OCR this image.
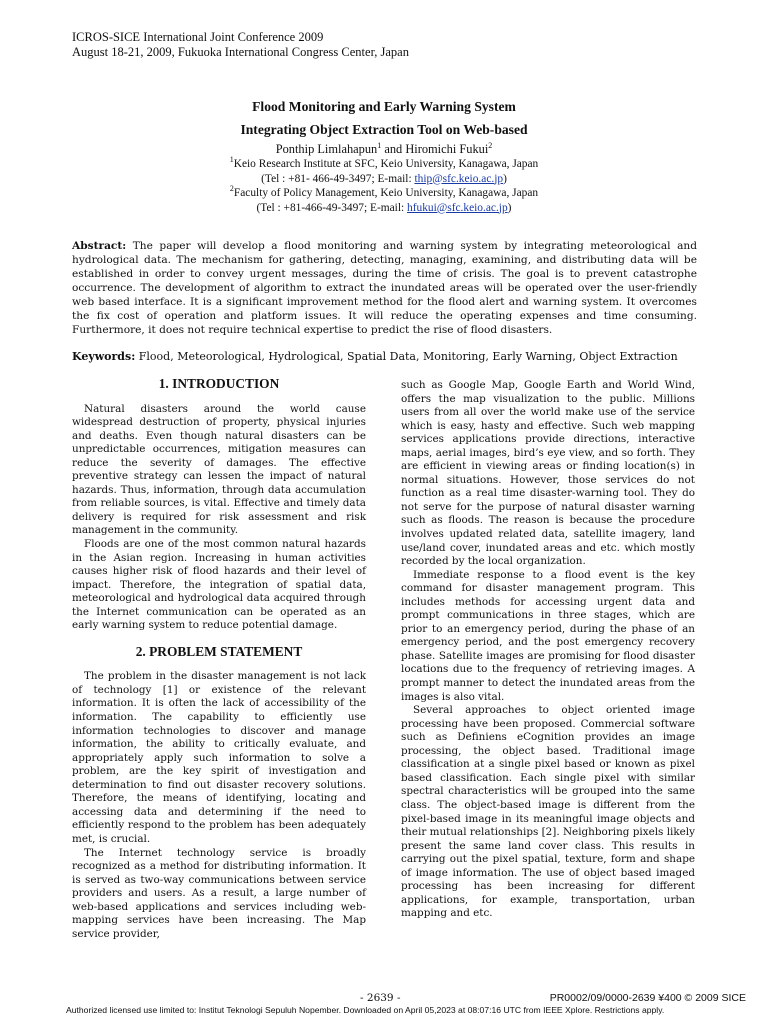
ICROS-SICE International Joint Conference 2009
August 18-21, 2009, Fukuoka International Congress Center, Japan
Flood Monitoring and Early Warning System
Integrating Object Extraction Tool on Web-based
Ponthip Limlahapun$^1$ and Hiromichi Fukui$^2$
$^1$Keio Research Institute at SFC, Keio University, Kanagawa, Japan
(Tel : +81- 466-49-3497; E-mail: thip@sfc.keio.ac.jp)
$^2$Faculty of Policy Management, Keio University, Kanagawa, Japan
(Tel : +81-466-49-3497; E-mail: hfukui@sfc.keio.ac.jp)
Abstract: The paper will develop a flood monitoring and warning system by integrating meteorological and hydrological data. The mechanism for gathering, detecting, managing, examining, and distributing data will be established in order to convey urgent messages, during the time of crisis. The goal is to prevent catastrophe occurrence. The development of algorithm to extract the inundated areas will be operated over the user-friendly web based interface. It is a significant improvement method for the flood alert and warning system. It overcomes the fix cost of operation and platform issues. It will reduce the operating expenses and time consuming. Furthermore, it does not require technical expertise to predict the rise of flood disasters.
Keywords: Flood, Meteorological, Hydrological, Spatial Data, Monitoring, Early Warning, Object Extraction
1. INTRODUCTION

Natural disasters around the world cause widespread destruction of property, physical injuries and deaths. Even though natural disasters can be unpredictable occurrences, mitigation measures can reduce the severity of damages. The effective preventive strategy can lessen the impact of natural hazards. Thus, information, through data accumulation from reliable sources, is vital. Effective and timely data delivery is required for risk assessment and risk management in the community.

Floods are one of the most common natural hazards in the Asian region. Increasing in human activities causes higher risk of flood hazards and their level of impact. Therefore, the integration of spatial data, meteorological and hydrological data acquired through the Internet communication can be operated as an early warning system to reduce potential damage.

2. PROBLEM STATEMENT

The problem in the disaster management is not lack of technology [1] or existence of the relevant information. It is often the lack of accessibility of the information. The capability to efficiently use information technologies to discover and manage information, the ability to critically evaluate, and appropriately apply such information to solve a problem, are the key spirit of investigation and determination to find out disaster recovery solutions. Therefore, the means of identifying, locating and accessing data and determining if the need to efficiently respond to the problem has been adequately met, is crucial.

The Internet technology service is broadly recognized as a method for distributing information. It is served as two-way communications between service providers and users. As a result, a large number of web-based applications and services including web-mapping services have been increasing. The Map service provider,

such as Google Map, Google Earth and World Wind, offers the map visualization to the public. Millions users from all over the world make use of the service which is easy, hasty and effective. Such web mapping services applications provide directions, interactive maps, aerial images, bird’s eye view, and so forth. They are efficient in viewing areas or finding location(s) in normal situations. However, those services do not function as a real time disaster-warning tool. They do not serve for the purpose of natural disaster warning such as floods. The reason is because the procedure involves updated related data, satellite imagery, land use/land cover, inundated areas and etc. which mostly recorded by the local organization.

Immediate response to a flood event is the key command for disaster management program. This includes methods for accessing urgent data and prompt communications in three stages, which are prior to an emergency period, during the phase of an emergency period, and the post emergency recovery phase. Satellite images are promising for flood disaster locations due to the frequency of retrieving images. A prompt manner to detect the inundated areas from the images is also vital.

Several approaches to object oriented image processing have been proposed. Commercial software such as Definiens eCognition provides an image processing, the object based. Traditional image classification at a single pixel based or known as pixel based classification. Each single pixel with similar spectral characteristics will be grouped into the same class. The object-based image is different from the pixel-based image in its meaningful image objects and their mutual relationships [2]. Neighboring pixels likely present the same land cover class. This results in carrying out the pixel spatial, texture, form and shape of image information. The use of object based imaged processing has been increasing for different applications, for example, transportation, urban mapping and etc.

- 2639 -	PR0002/09/0000-2639 ¥400 © 2009 SICE
Authorized licensed use limited to: Institut Teknologi Sepuluh Nopember. Downloaded on April 05,2023 at 08:07:16 UTC from IEEE Xplore. Restrictions apply.
